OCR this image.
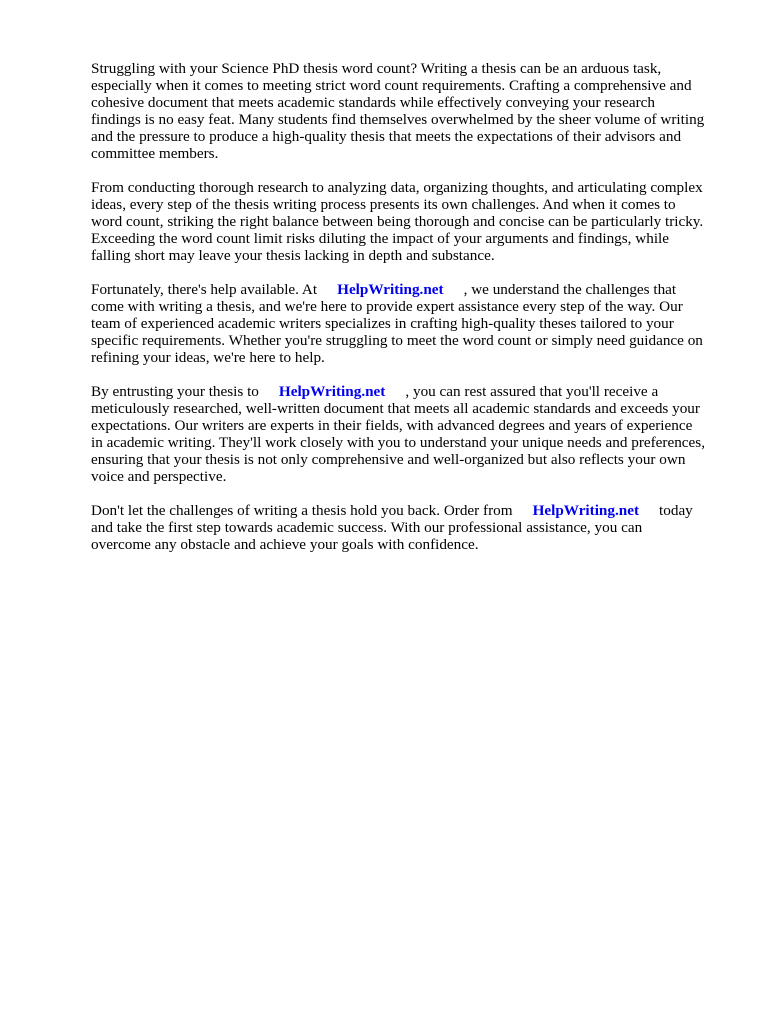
Struggling with your Science PhD thesis word count? Writing a thesis can be an arduous task,
especially when it comes to meeting strict word count requirements. Crafting a comprehensive and
cohesive document that meets academic standards while effectively conveying your research
findings is no easy feat. Many students find themselves overwhelmed by the sheer volume of writing
and the pressure to produce a high-quality thesis that meets the expectations of their advisors and
committee members.

From conducting thorough research to analyzing data, organizing thoughts, and articulating complex
ideas, every step of the thesis writing process presents its own challenges. And when it comes to
word count, striking the right balance between being thorough and concise can be particularly tricky.
Exceeding the word count limit risks diluting the impact of your arguments and findings, while
falling short may leave your thesis lacking in depth and substance.

Fortunately, there's help available. At HelpWriting.net , we understand the challenges that
come with writing a thesis, and we're here to provide expert assistance every step of the way. Our
team of experienced academic writers specializes in crafting high-quality theses tailored to your
specific requirements. Whether you're struggling to meet the word count or simply need guidance on
refining your ideas, we're here to help.

By entrusting your thesis to HelpWriting.net , you can rest assured that you'll receive a
meticulously researched, well-written document that meets all academic standards and exceeds your
expectations. Our writers are experts in their fields, with advanced degrees and years of experience
in academic writing. They'll work closely with you to understand your unique needs and preferences,
ensuring that your thesis is not only comprehensive and well-organized but also reflects your own
voice and perspective.

Don't let the challenges of writing a thesis hold you back. Order from HelpWriting.net today
and take the first step towards academic success. With our professional assistance, you can
overcome any obstacle and achieve your goals with confidence.
